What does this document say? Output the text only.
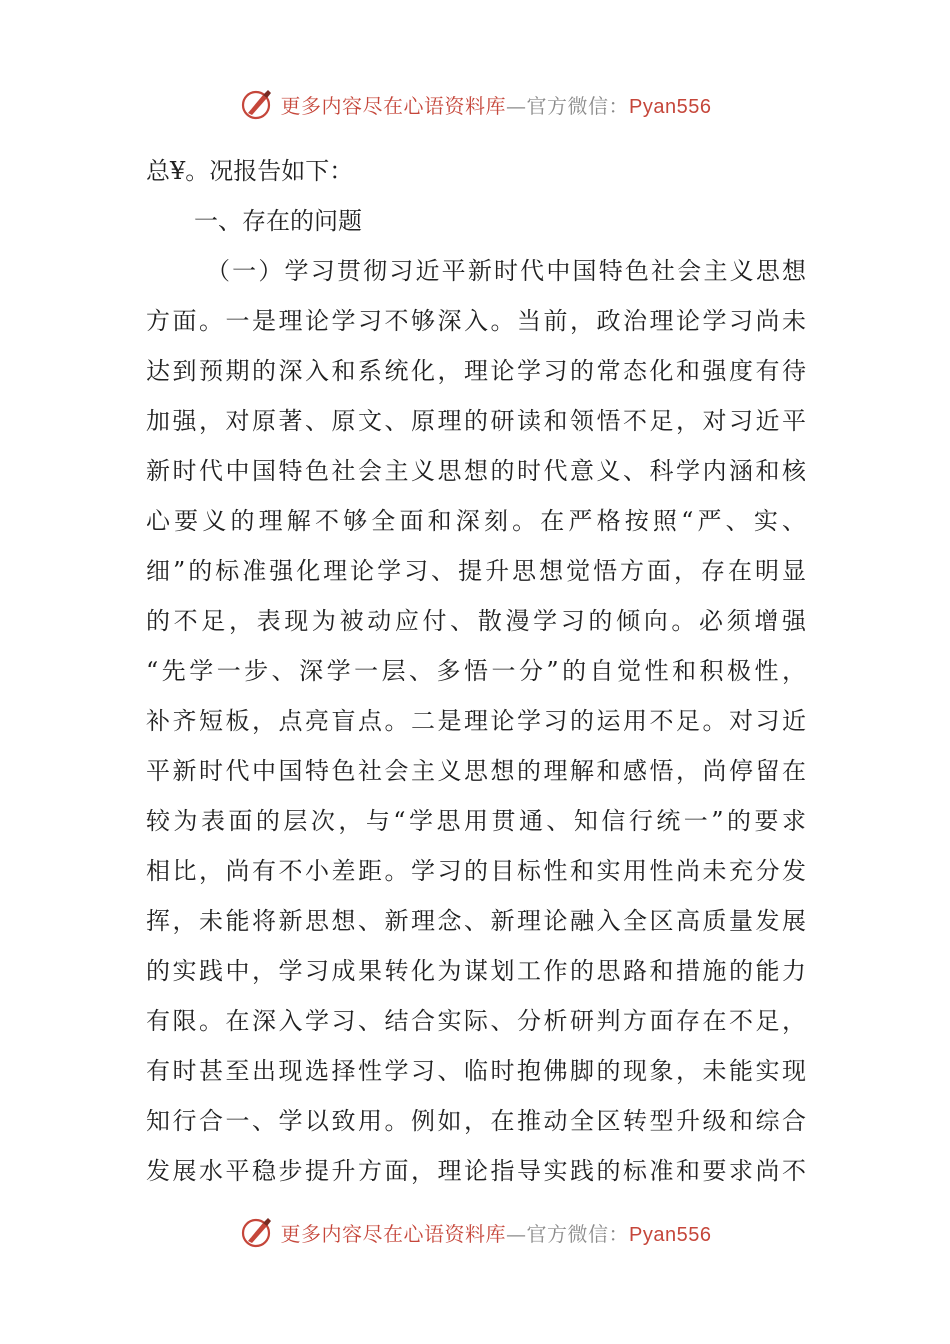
更多内容尽在心语资料库—官方微信：Pyan556
总¥。况报告如下：
一、存在的问题
（一）学习贯彻习近平新时代中国特色社会主义思想
方面。一是理论学习不够深入。当前，政治理论学习尚未
达到预期的深入和系统化，理论学习的常态化和强度有待
加强，对原著、原文、原理的研读和领悟不足，对习近平
新时代中国特色社会主义思想的时代意义、科学内涵和核
心要义的理解不够全面和深刻。在严格按照“严、实、
细”的标准强化理论学习、提升思想觉悟方面，存在明显
的不足，表现为被动应付、散漫学习的倾向。必须增强
“先学一步、深学一层、多悟一分”的自觉性和积极性，
补齐短板，点亮盲点。二是理论学习的运用不足。对习近
平新时代中国特色社会主义思想的理解和感悟，尚停留在
较为表面的层次，与“学思用贯通、知信行统一”的要求
相比，尚有不小差距。学习的目标性和实用性尚未充分发
挥，未能将新思想、新理念、新理论融入全区高质量发展
的实践中，学习成果转化为谋划工作的思路和措施的能力
有限。在深入学习、结合实际、分析研判方面存在不足，
有时甚至出现选择性学习、临时抱佛脚的现象，未能实现
知行合一、学以致用。例如，在推动全区转型升级和综合
发展水平稳步提升方面，理论指导实践的标准和要求尚不
更多内容尽在心语资料库—官方微信：Pyan556
